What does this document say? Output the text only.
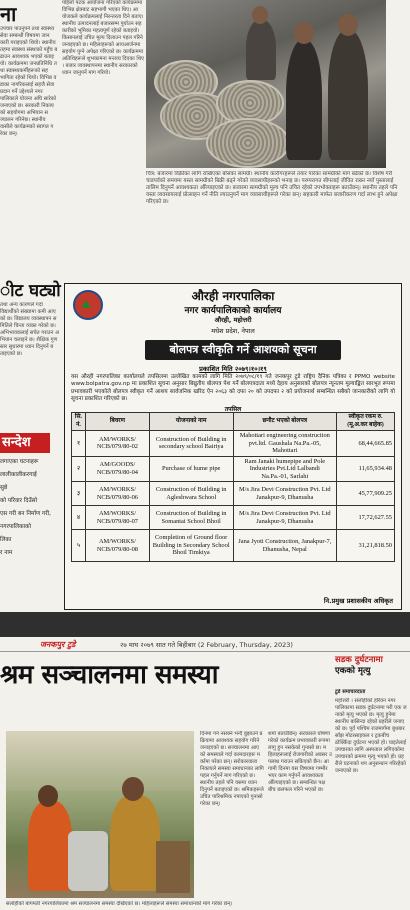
ना
उपचार पाउनुपर्ने तथा स्वास्थ्य सेवा सम्बन्धी विषयमा जानकारी गराइएको थियो। स्थानीय तहमा स्वास्थ्य संस्थाको पहुँच बढाउन आवश्यक भएको बताइयो। कार्यक्रममा जनप्रतिनिधि तथा स्वास्थ्यकर्मीहरूको सहभागिता रहेको थियो। विभिन्न वडाका नागरिकलाई सहजै सेवा प्रदान गर्ने उद्देश्यले नगरपालिकाले योजना अघि सारेको जनाएको छ। सरकारी निकायको सहयोगमा अभियान सञ्चालन गरिनेछ। स्थानीयवासीले कार्यक्रमको स्वागत गरेका छन्।
पहिलो पटक आयोजना गरिएको कार्यक्रममा विभिन्न क्षेत्रबाट सहभागी भएका थिए। आयोजकले कार्यक्रमलाई निरन्तरता दिने बताए। स्थानीय उत्पादनलाई बजारसम्म पुर्याउन सहकारीको भूमिका महत्वपूर्ण रहेको बताइयो। किसानलाई उचित मूल्य दिलाउन पहल गरिने जनाइएको छ। महिलाहरूको आयआर्जनमा सहयोग पुग्ने अपेक्षा गरिएको छ। कार्यक्रममा अतिथिहरूले शुभकामना मन्तव्य दिएका थिए। बजार व्यवस्थापनमा स्थानीय सरकारको ध्यान जानुपर्ने माग गरियो।
चित्र: बजारमा विक्रीका लागि राखिएका बाँसका सामग्री। स्थानीय कारीगरहरूले तयार पारेका सामग्रीको माग बढेको छ। विशेष गरी चाडपर्वको समयमा यस्ता सामग्रीको बिक्री बढ्ने गरेको व्यवसायीहरूको भनाइ छ। परम्परागत सीपलाई जीवित राख्न नयाँ पुस्तालाई तालिम दिनुपर्ने आवश्यकता औँल्याइएको छ। बजारमा सामग्रीको मूल्य पनि उचित रहेको उपभोक्ताहरू बताउँछन्। स्थानीय तहले पनि यस्ता व्यवसायलाई प्रोत्साहन गर्ने नीति ल्याउनुपर्ने माग व्यवसायीहरूले गरेका छन्। सहकारी मार्फत बजारीकरण गर्दा लाभ हुने अपेक्षा गरिएको छ।
ीट घट्यो
तथा अन्य कारणले गर्दा विद्यार्थीको संख्यामा कमी आएको छ। विद्यालय व्यवस्थापन समितिले चिन्ता व्यक्त गरेको छ। अभिभावकलाई सचेत गराउन अभियान चलाइने छ। शैक्षिक गुणस्तर सुधारमा ध्यान दिनुपर्ने बताइएको छ।
सन्देश
लगाएका घटनाहरू
लालीकालीकरगाई
सुन्ने
को परिवार दिउँसो
एस गरी बन निर्माण गरी,
नगरपालिकाको
लिका
र नाम
औरही नगरपालिका
नगर कार्यपालिकाको कार्यालय
औरही, महोत्तरी
मधेश प्रदेश, नेपाल
बोलपत्र स्वीकृति गर्ने आशयको सूचना
प्रकाशित मिति २०७९।१०।१९
यस औरही नगरपालिका कार्यालयले तपसिलमा उल्लेखित कामको लागि मिति २०७९/०८/१९ गते जनकपुर टुडे राष्ट्रिय दैनिक पत्रिका र PPMO website www.bolpatra.gov.np मा प्रकाशित सूचना अनुसार बिद्युतीय बोलपत्र पेश गर्ने बोलपत्रदाता मध्ये देहाय अनुसारको बोलपत्र न्यूनतम मूल्याङ्कित सारभूत रूपमा प्रभावकारी भएकोले बोलपत्र स्वीकृत गर्ने आशय सार्वजनिक खरिद ऐन २०६३ को दफा २० को उपदफा २ को प्रयोजनार्थ सम्बन्धित सबैको जानकारीको लागि यो सूचना प्रकाशित गरिएको छ।
तपसिल
सि. नं.	बिवरण	योजनाको नाम	छनौट भएको बोलपत्र	स्वीकृत रकम रु. (मू.अ.कर बाहेक)
१	AM/WORKS/ NCB/079/80-02	Construction of Building in secondary school Bairiya	Mahottari engineering construction pvt.ltd. Gaushala Na.Pa.-05, Mahottari	68,44,665.85
२	AM/GOODS/ NCB/079/80-04	Purchase of hume pipe	Ram Janaki humepipe and Pole Industries Pvt.Ltd Lalbandi Na.Pa.-01, Sarlahi	11,65,934.48
३	AM/WORKS/ NCB/079/80-06	Construction of Building in Agleshwara School	M/s Jira Devi Construction Pvt. Ltd Janakpur-9, Dhanusha	45,77,909.25
४	AM/WORKS/ NCB/079/80-07	Construction of Building in Somantai School Bhoil	M/s Jira Devi Construction Pvt. Ltd Janakpur-9, Dhanusha	17,72,627.55
५	AM/WORKS/ NCB/079/80-08	Completion of Ground floor Building in Secondary School Bhoil Timkiya	Jana Jyoti Construction, Janakpur-7, Dhanusha, Nepal	31,21,818.50
नि.प्रमुख प्रशासकीय अधिकृत
जनकपुर टुडे	२७ माघ २०७९ सात गते बिहीबार (2 February, Thursday, 2023)
श्रम सञ्चालनमा समस्या	सडक दुर्घटनामा
एकको मृत्यु
टुडे समाचारदाता
महोत्तरी । सर्लाहीको हरिवन नगरपालिकामा सडक दुर्घटनामा परी एक जनाको मृत्यु भएको छ। मृत्यु हुनेमा स्थानीय बासिन्दा रहेको प्रहरीले जनाएको छ। पूर्व पश्चिम राजमार्गमा बुधबार साँझ मोटरसाइकल र ट्रकबीच ठोक्किँदा दुर्घटना भएको हो। घाइतेलाई उपचारका लागि अस्पताल लगिएकोमा उपचारको क्रममा मृत्यु भएको हो। प्रहरीले घटनाको थप अनुसन्धान गरिरहेको जनाएको छ।
दिनमा गर्न नसक्ने भन्दै बुझाउने प्रक्रियामा आवश्यक सहयोग गरिने जनाइएको छ। सञ्चालनमा आएको समस्याले गर्दा कामदारहरू मर्कामा परेका छन्। सरोकारवाला निकायले समस्या समाधानका लागि पहल गर्नुपर्ने माग गरिएको छ। स्थानीय तहले पनि यसमा ध्यान दिनुपर्ने बताइएको छ। श्रमिकहरूले उचित पारिश्रमिक नपाएको गुनासो गरेका छन्।
शर्मा बताउँछिन्। सरकारले घोषणा गरेको कार्यक्रम प्रभावकारी रूपमा लागु हुन नसकेको गुनासो छ। महिलाहरूलाई रोजगारीको अवसर उपलब्ध गराउन सकिएको छैन। आगामी दिनमा यस विषयमा गम्भीर भएर काम गर्नुपर्ने आवश्यकता औँल्याइएको छ। सम्बन्धित पक्षबीच छलफल गरिने भएको छ।
सर्लाहीको बागमती नगरपालिकामा श्रम सञ्चालनमा समस्या देखिएको छ। महिलाहरूले समस्या समाधानको माग गरेका छन्।
